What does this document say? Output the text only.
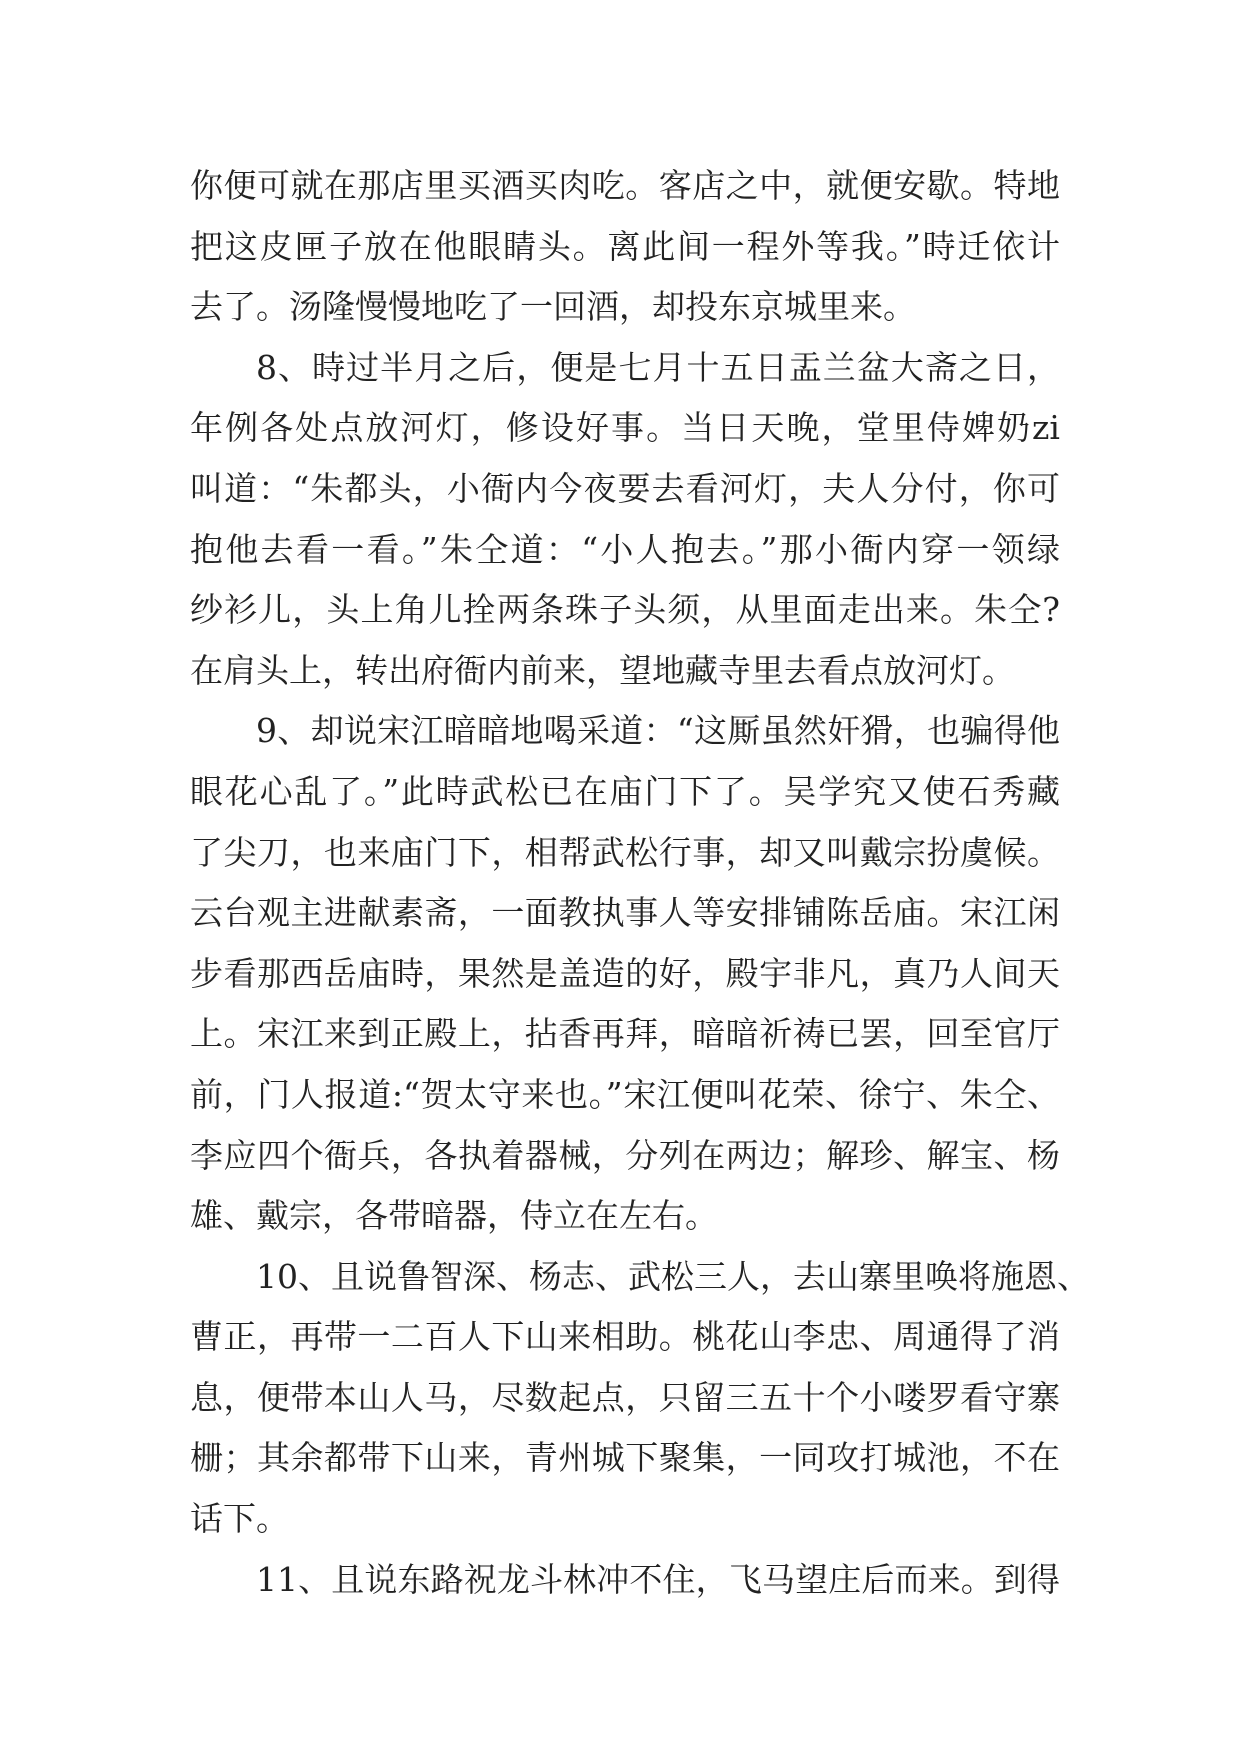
你便可就在那店里买酒买肉吃。客店之中，就便安歇。特地
把这皮匣子放在他眼睛头。离此间一程外等我。”時迁依计
去了。汤隆慢慢地吃了一回酒，却投东京城里来。

8、時过半月之后，便是七月十五日盂兰盆大斋之日，
年例各处点放河灯，修设好事。当日天晚，堂里侍婢奶zi
叫道：“朱都头，小衙内今夜要去看河灯，夫人分付，你可
抱他去看一看。”朱仝道：“小人抱去。”那小衙内穿一领绿
纱衫儿，头上角儿拴两条珠子头须，从里面走出来。朱仝?
在肩头上，转出府衙内前来，望地藏寺里去看点放河灯。

9、却说宋江暗暗地喝采道：“这厮虽然奸猾，也骗得他
眼花心乱了。”此時武松已在庙门下了。吴学究又使石秀藏
了尖刀，也来庙门下，相帮武松行事，却又叫戴宗扮虞候。
云台观主进献素斋，一面教执事人等安排铺陈岳庙。宋江闲
步看那西岳庙時，果然是盖造的好，殿宇非凡，真乃人间天
上。宋江来到正殿上，拈香再拜，暗暗祈祷已罢，回至官厅
前，门人报道:“贺太守来也。”宋江便叫花荣、徐宁、朱仝、
李应四个衙兵，各执着器械，分列在两边；解珍、解宝、杨
雄、戴宗，各带暗器，侍立在左右。

10、且说鲁智深、杨志、武松三人，去山寨里唤将施恩、
曹正，再带一二百人下山来相助。桃花山李忠、周通得了消
息，便带本山人马，尽数起点，只留三五十个小喽罗看守寨
栅；其余都带下山来，青州城下聚集，一同攻打城池，不在
话下。

11、且说东路祝龙斗林冲不住，飞马望庄后而来。到得
